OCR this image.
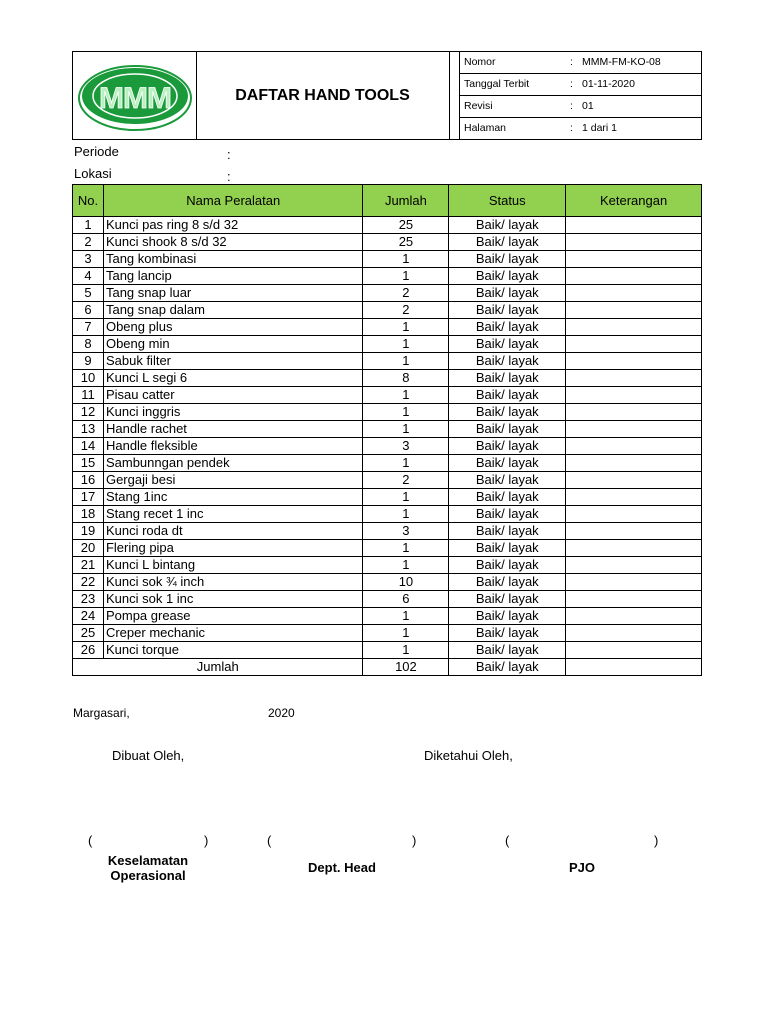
MMM	DAFTAR HAND TOOLS
Nomor	: MMM-FM-KO-08
Tanggal Terbit	: 01-11-2020
Revisi	: 01
Halaman	: 1 dari 1
Periode	:
Lokasi	:
No.	Nama Peralatan	Jumlah	Status	Keterangan
1	Kunci pas ring 8 s/d 32	25	Baik/ layak	
2	Kunci shook 8 s/d 32	25	Baik/ layak	
3	Tang kombinasi	1	Baik/ layak	
4	Tang lancip	1	Baik/ layak	
5	Tang snap luar	2	Baik/ layak	
6	Tang snap dalam	2	Baik/ layak	
7	Obeng plus	1	Baik/ layak	
8	Obeng min	1	Baik/ layak	
9	Sabuk filter	1	Baik/ layak	
10	Kunci L segi 6	8	Baik/ layak	
11	Pisau catter	1	Baik/ layak	
12	Kunci inggris	1	Baik/ layak	
13	Handle rachet	1	Baik/ layak	
14	Handle fleksible	3	Baik/ layak	
15	Sambunngan pendek	1	Baik/ layak	
16	Gergaji besi	2	Baik/ layak	
17	Stang 1inc	1	Baik/ layak	
18	Stang recet 1 inc	1	Baik/ layak	
19	Kunci roda dt	3	Baik/ layak	
20	Flering pipa	1	Baik/ layak	
21	Kunci L bintang	1	Baik/ layak	
22	Kunci sok ¾ inch	10	Baik/ layak	
23	Kunci sok 1 inc	6	Baik/ layak	
24	Pompa grease	1	Baik/ layak	
25	Creper mechanic	1	Baik/ layak	
26	Kunci torque	1	Baik/ layak	
Jumlah		102	Baik/ layak	
Margasari,	2020
Dibuat Oleh,	Diketahui Oleh,
(	)	(	)	(	)
Keselamatan Operasional
Dept. Head	PJO
